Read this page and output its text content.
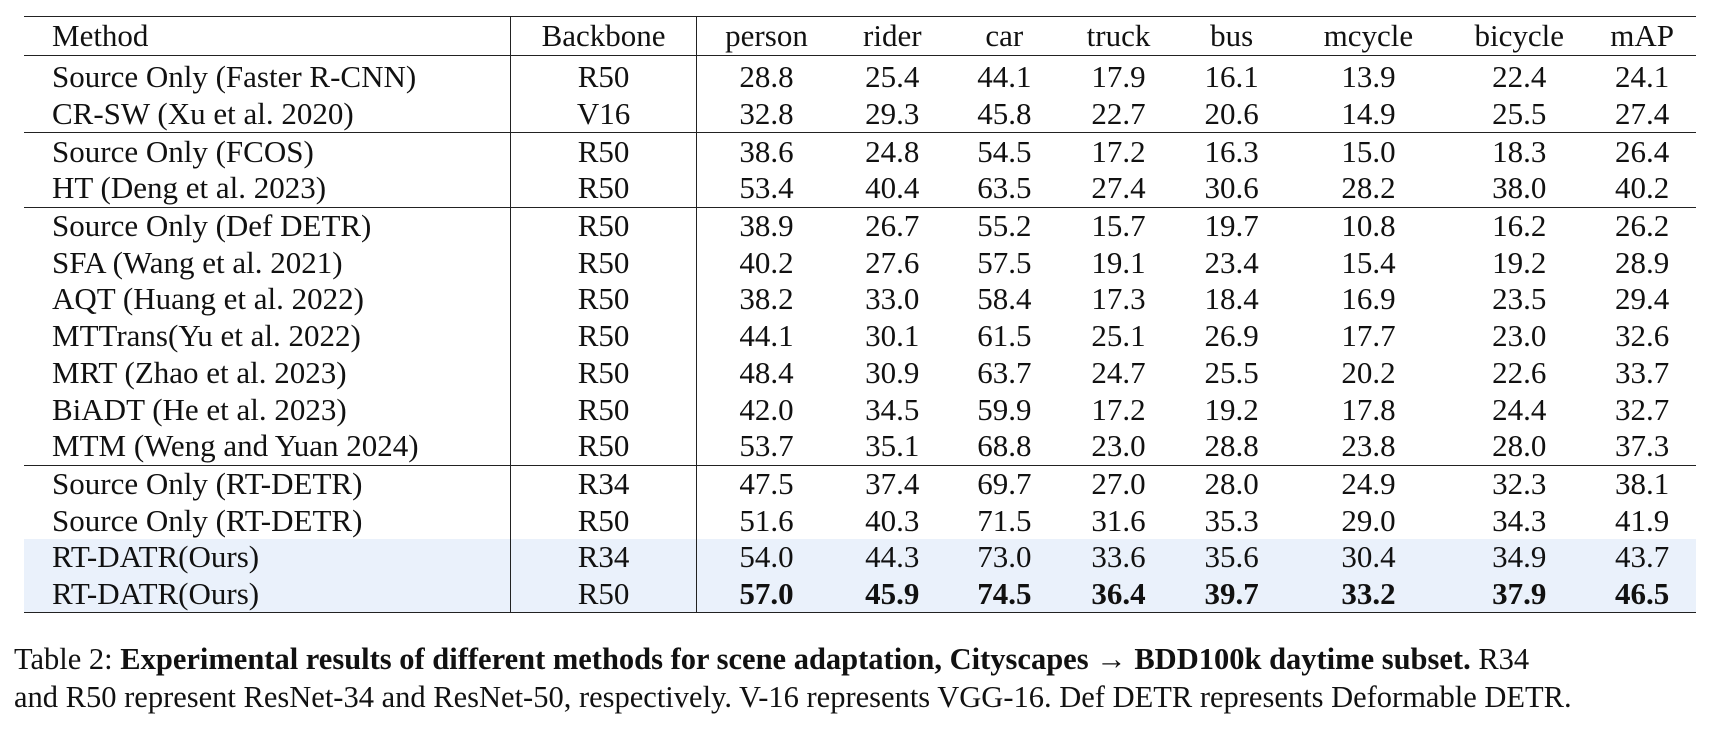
Method	Backbone	person	rider	car	truck	bus	mcycle	bicycle	mAP
Source Only (Faster R-CNN)	R50	28.8	25.4	44.1	17.9	16.1	13.9	22.4	24.1
CR-SW (Xu et al. 2020)	V16	32.8	29.3	45.8	22.7	20.6	14.9	25.5	27.4
Source Only (FCOS)	R50	38.6	24.8	54.5	17.2	16.3	15.0	18.3	26.4
HT (Deng et al. 2023)	R50	53.4	40.4	63.5	27.4	30.6	28.2	38.0	40.2
Source Only (Def DETR)	R50	38.9	26.7	55.2	15.7	19.7	10.8	16.2	26.2
SFA (Wang et al. 2021)	R50	40.2	27.6	57.5	19.1	23.4	15.4	19.2	28.9
AQT (Huang et al. 2022)	R50	38.2	33.0	58.4	17.3	18.4	16.9	23.5	29.4
MTTrans(Yu et al. 2022)	R50	44.1	30.1	61.5	25.1	26.9	17.7	23.0	32.6
MRT (Zhao et al. 2023)	R50	48.4	30.9	63.7	24.7	25.5	20.2	22.6	33.7
BiADT (He et al. 2023)	R50	42.0	34.5	59.9	17.2	19.2	17.8	24.4	32.7
MTM (Weng and Yuan 2024)	R50	53.7	35.1	68.8	23.0	28.8	23.8	28.0	37.3
Source Only (RT-DETR)	R34	47.5	37.4	69.7	27.0	28.0	24.9	32.3	38.1
Source Only (RT-DETR)	R50	51.6	40.3	71.5	31.6	35.3	29.0	34.3	41.9
RT-DATR(Ours)	R34	54.0	44.3	73.0	33.6	35.6	30.4	34.9	43.7
RT-DATR(Ours)	R50	57.0	45.9	74.5	36.4	39.7	33.2	37.9	46.5
Table 2: Experimental results of different methods for scene adaptation, Cityscapes → BDD100k daytime subset. R34
and R50 represent ResNet-34 and ResNet-50, respectively. V-16 represents VGG-16. Def DETR represents Deformable DETR.
